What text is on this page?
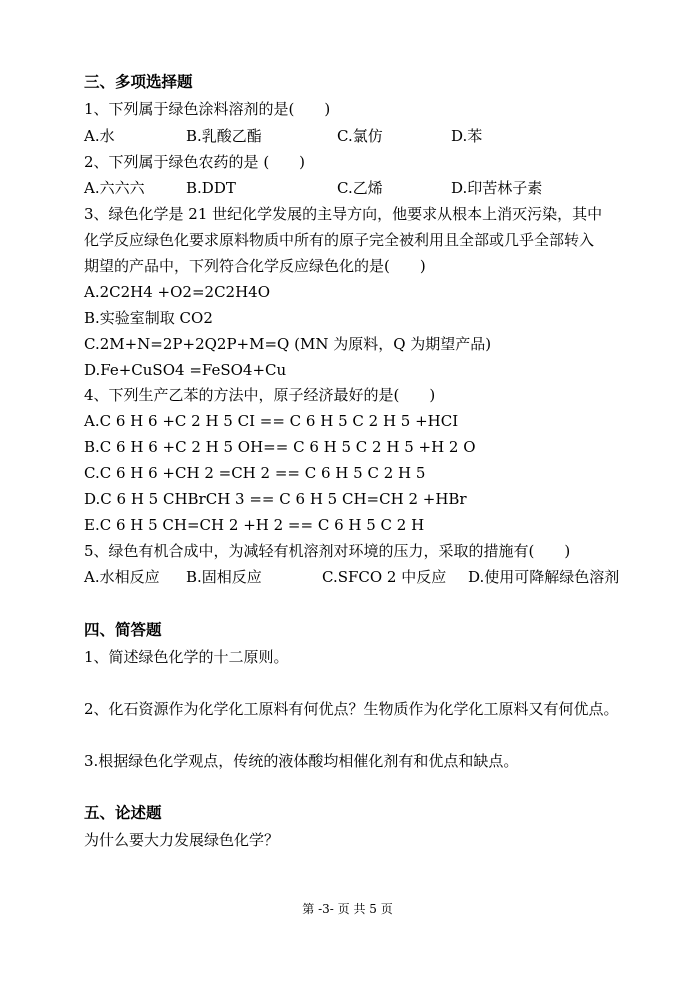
三、多项选择题
1、下列属于绿色涂料溶剂的是(　　)
A.水	B.乳酸乙酯	C.氯仿	D.苯
2、下列属于绿色农药的是 (　　)
A.六六六	B.DDT	C.乙烯	D.印苦林子素
3、绿色化学是 21 世纪化学发展的主导方向，他要求从根本上消灭污染，其中
化学反应绿色化要求原料物质中所有的原子完全被利用且全部或几乎全部转入
期望的产品中，下列符合化学反应绿色化的是(　　)
A.2C2H4 +O2=2C2H4O
B.实验室制取 CO2
C.2M+N=2P+2Q2P+M=Q (MN 为原料，Q 为期望产品)
D.Fe+CuSO4 =FeSO4+Cu
4、下列生产乙苯的方法中，原子经济最好的是(　　)
A.C 6 H 6 +C 2 H 5 CI == C 6 H 5 C 2 H 5 +HCI
B.C 6 H 6 +C 2 H 5 OH== C 6 H 5 C 2 H 5 +H 2 O
C.C 6 H 6 +CH 2 =CH 2 == C 6 H 5 C 2 H 5
D.C 6 H 5 CHBrCH 3 == C 6 H 5 CH=CH 2 +HBr
E.C 6 H 5 CH=CH 2 +H 2 == C 6 H 5 C 2 H
5、绿色有机合成中，为减轻有机溶剂对环境的压力，采取的措施有(　　)
A.水相反应 B.固相反应	C.SFCO 2 中反应 D.使用可降解绿色溶剂
四、简答题
1、简述绿色化学的十二原则。
2、化石资源作为化学化工原料有何优点？生物质作为化学化工原料又有何优点。
3.根据绿色化学观点，传统的液体酸均相催化剂有和优点和缺点。
五、论述题
为什么要大力发展绿色化学？
第 -3- 页 共 5 页
